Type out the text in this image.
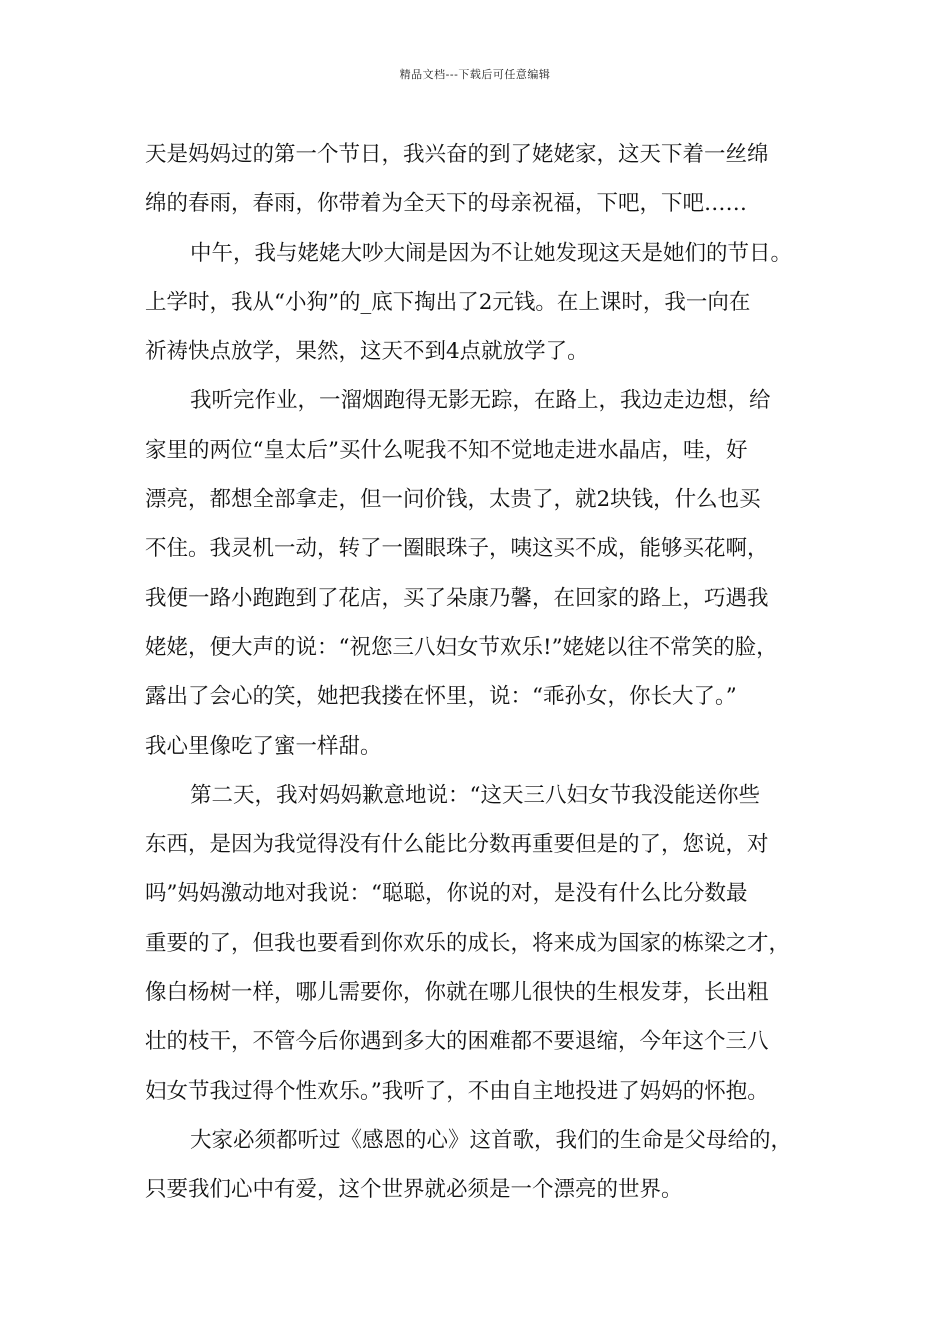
精品文档---下载后可任意编辑
天是妈妈过的第一个节日，我兴奋的到了姥姥家，这天下着一丝绵
绵的春雨，春雨，你带着为全天下的母亲祝福，下吧，下吧……
中午，我与姥姥大吵大闹是因为不让她发现这天是她们的节日。
上学时，我从“小狗”的_底下掏出了2元钱。在上课时，我一向在
祈祷快点放学，果然，这天不到4点就放学了。
我听完作业，一溜烟跑得无影无踪，在路上，我边走边想，给
家里的两位“皇太后”买什么呢我不知不觉地走进水晶店，哇，好
漂亮，都想全部拿走，但一问价钱，太贵了，就2块钱，什么也买
不住。我灵机一动，转了一圈眼珠子，咦这买不成，能够买花啊，
我便一路小跑跑到了花店，买了朵康乃馨，在回家的路上，巧遇我
姥姥，便大声的说：“祝您三八妇女节欢乐!”姥姥以往不常笑的脸，
露出了会心的笑，她把我搂在怀里，说：“乖孙女，你长大了。”
我心里像吃了蜜一样甜。
第二天，我对妈妈歉意地说：“这天三八妇女节我没能送你些
东西，是因为我觉得没有什么能比分数再重要但是的了，您说，对
吗”妈妈激动地对我说：“聪聪，你说的对，是没有什么比分数最
重要的了，但我也要看到你欢乐的成长，将来成为国家的栋梁之才，
像白杨树一样，哪儿需要你，你就在哪儿很快的生根发芽，长出粗
壮的枝干，不管今后你遇到多大的困难都不要退缩，今年这个三八
妇女节我过得个性欢乐。”我听了，不由自主地投进了妈妈的怀抱。
大家必须都听过《感恩的心》这首歌，我们的生命是父母给的，
只要我们心中有爱，这个世界就必须是一个漂亮的世界。
